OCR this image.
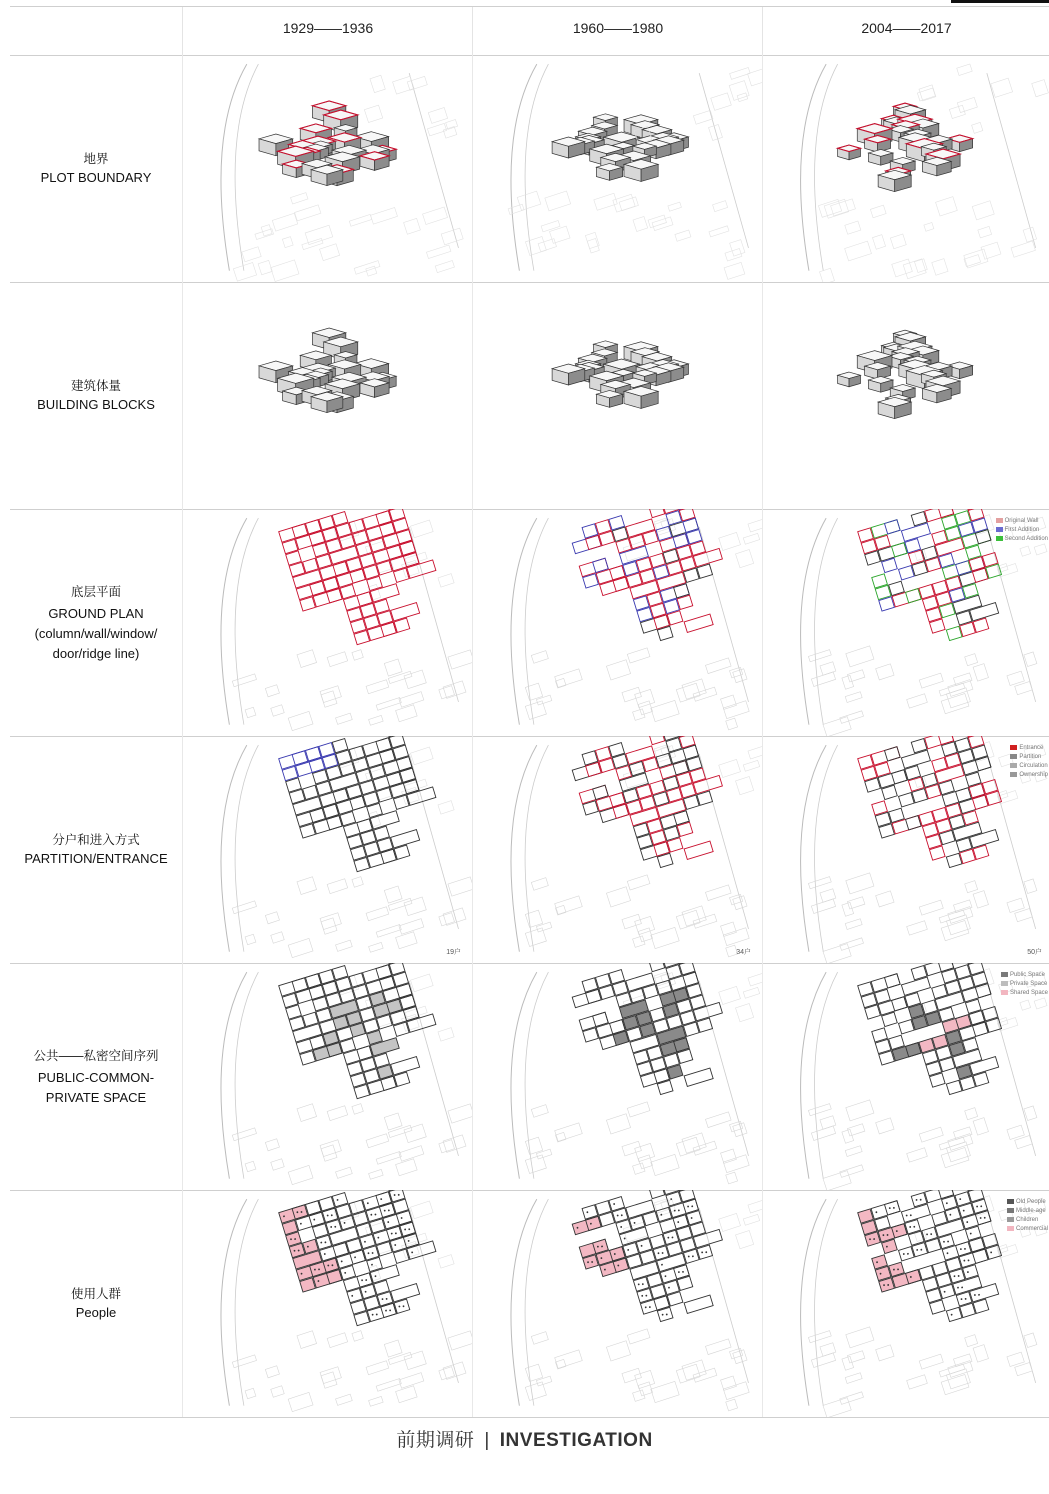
1929——1936	1960——1980	2004——2017
地界
PLOT BOUNDARY
建筑体量
BUILDING BLOCKS
底层平面
GROUND PLAN
(column/wall/window/
door/ridge line)
Original Wall
First Addition
Second Addition
分户和进入方式
PARTITION/ENTRANCE
19户	34户
Entrance
Partition
Circulation
Ownership
50户
公共——私密空间序列
PUBLIC-COMMON-
PRIVATE SPACE
Public Space
Private Space
Shared Space
使用人群
People
Old People
Middle-age
Children
Commercial
前期调研 | INVESTIGATION
